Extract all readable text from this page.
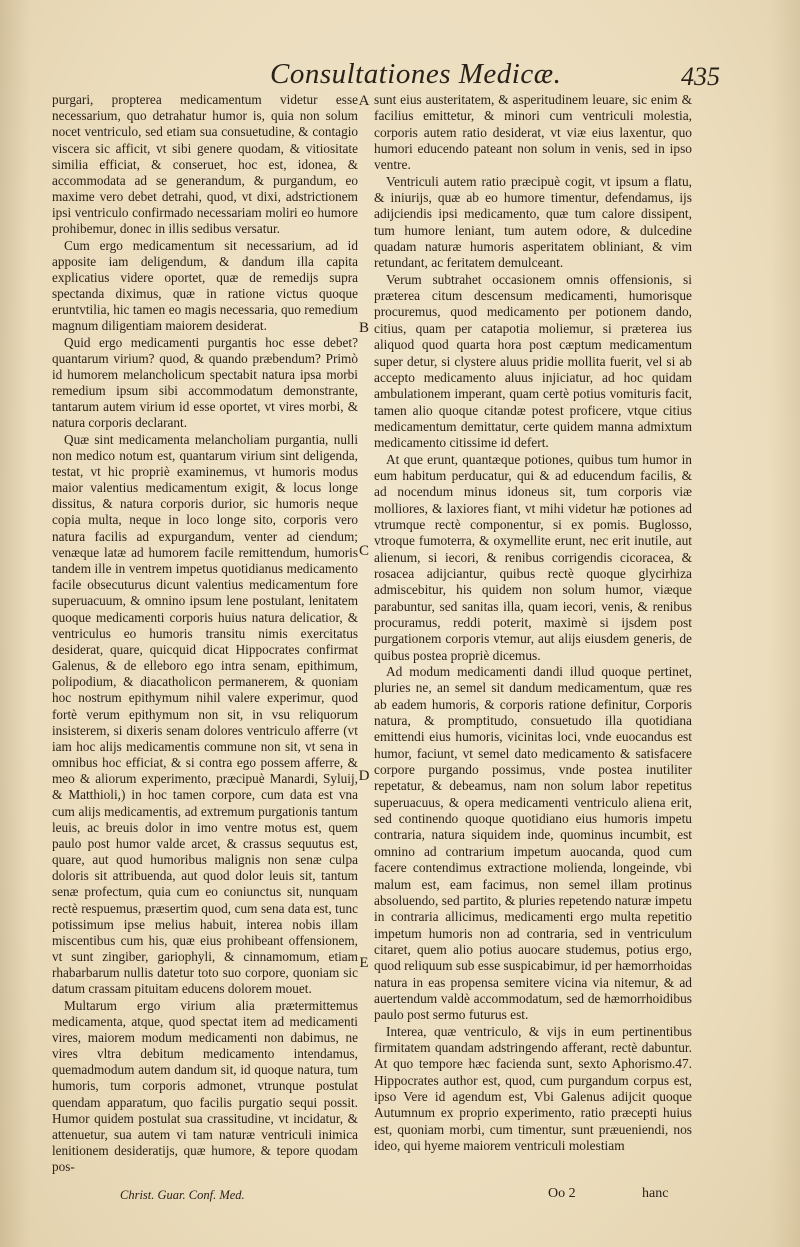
Consultationes Medicæ.	435

purgari, propterea medicamentum videtur esse necessarium, quo detrahatur humor is, quia non solum nocet ventriculo, sed etiam sua consuetudine, & contagio viscera sic afficit, vt sibi genere quodam, & vitiositate similia efficiat, & conseruet, hoc est, idonea, & accommodata ad se generandum, & purgandum, eo maxime vero debet detrahi, quod, vt dixi, adstrictionem ipsi ventriculo confirmado necessariam moliri eo humore prohibemur, donec in illis sedibus versatur.

Cum ergo medicamentum sit necessarium, ad id apposite iam deligendum, & dandum illa capita explicatius videre oportet, quæ de remedijs supra spectanda diximus, quæ in ratione victus quoque eruntvtilia, hic tamen eo magis necessaria, quo remedium magnum diligentiam maiorem desiderat.

Quid ergo medicamenti purgantis hoc esse debet? quantarum virium? quod, & quando præbendum? Primò id humorem melancholicum spectabit natura ipsa morbi remedium ipsum sibi accommodatum demonstrante, tantarum autem virium id esse oportet, vt vires morbi, & natura corporis declarant.

Quæ sint medicamenta melancholiam purgantia, nulli non medico notum est, quantarum virium sint deligenda, testat, vt hic propriè examinemus, vt humoris modus maior valentius medicamentum exigit, & locus longe dissitus, & natura corporis durior, sic humoris neque copia multa, neque in loco longe sito, corporis vero natura facilis ad expurgandum, venter ad ciendum; venæque latæ ad humorem facile remittendum, humoris tandem ille in ventrem impetus quotidianus medicamento facile obsecuturus dicunt valentius medicamentum fore superuacuum, & omnino ipsum lene postulant, lenitatem quoque medicamenti corporis huius natura delicatior, & ventriculus eo humoris transitu nimis exercitatus desiderat, quare, quicquid dicat Hippocrates confirmat Galenus, & de elleboro ego intra senam, epithimum, polipodium, & diacatholicon permanerem, & quoniam hoc nostrum epithymum nihil valere experimur, quod fortè verum epithymum non sit, in vsu reliquorum insisterem, si dixeris senam dolores ventriculo afferre (vt iam hoc alijs medicamentis commune non sit, vt sena in omnibus hoc efficiat, & si contra ego possem afferre, & meo & aliorum experimento, præcipuè Manardi, Syluij, & Matthioli,) in hoc tamen corpore, cum data est vna cum alijs medicamentis, ad extremum purgationis tantum leuis, ac breuis dolor in imo ventre motus est, quem paulo post humor valde arcet, & crassus sequutus est, quare, aut quod humoribus malignis non senæ culpa doloris sit attribuenda, aut quod dolor leuis sit, tantum senæ profectum, quia cum eo coniunctus sit, nunquam rectè respuemus, præsertim quod, cum sena data est, tunc potissimum ipse melius habuit, interea nobis illam miscentibus cum his, quæ eius prohibeant offensionem, vt sunt zingiber, gariophyli, & cinnamomum, etiam rhabarbarum nullis datetur toto suo corpore, quoniam sic datum crassam pituitam educens dolorem mouet.

Multarum ergo virium alia prætermittemus medicamenta, atque, quod spectat item ad medicamenti vires, maiorem modum medicamenti non dabimus, ne vires vltra debitum medicamento intendamus, quemadmodum autem dandum sit, id quoque natura, tum humoris, tum corporis admonet, vtrunque postulat quendam apparatum, quo facilis purgatio sequi possit. Humor quidem postulat sua crassitudine, vt incidatur, & attenuetur, sua autem vi tam naturæ ventriculi inimica lenitionem desideratijs, quæ humore, & tepore quodam pos-

A
B
C
D
E

sunt eius austeritatem, & asperitudinem leuare, sic enim & facilius emittetur, & minori cum ventriculi molestia, corporis autem ratio desiderat, vt viæ eius laxentur, quo humori educendo pateant non solum in venis, sed in ipso ventre.

Ventriculi autem ratio præcipuè cogit, vt ipsum a flatu, & iniurijs, quæ ab eo humore timentur, defendamus, ijs adijciendis ipsi medicamento, quæ tum calore dissipent, tum humore leniant, tum autem odore, & dulcedine quadam naturæ humoris asperitatem obliniant, & vim retundant, ac feritatem demulceant.

Verum subtrahet occasionem omnis offensionis, si præterea citum descensum medicamenti, humorisque procuremus, quod medicamento per potionem dando, citius, quam per catapotia moliemur, si præterea ius aliquod quod quarta hora post cæptum medicamentum super detur, si clystere aluus pridie mollita fuerit, vel si ab accepto medicamento aluus injiciatur, ad hoc quidam ambulationem imperant, quam certè potius vomituris facit, tamen alio quoque citandæ potest proficere, vtque citius medicamentum demittatur, certe quidem manna admixtum medicamento citissime id defert.

At que erunt, quantæque potiones, quibus tum humor in eum habitum perducatur, qui & ad educendum facilis, & ad nocendum minus idoneus sit, tum corporis viæ molliores, & laxiores fiant, vt mihi videtur hæ potiones ad vtrumque rectè componentur, si ex pomis. Buglosso, vtroque fumoterra, & oxymellite erunt, nec erit inutile, aut alienum, si iecori, & renibus corrigendis cicoracea, & rosacea adijciantur, quibus rectè quoque glycirhiza admiscebitur, his quidem non solum humor, viæque parabuntur, sed sanitas illa, quam iecori, venis, & renibus procuramus, reddi poterit, maximè si ijsdem post purgationem corporis vtemur, aut alijs eiusdem generis, de quibus postea propriè dicemus.

Ad modum medicamenti dandi illud quoque pertinet, pluries ne, an semel sit dandum medicamentum, quæ res ab eadem humoris, & corporis ratione definitur, Corporis natura, & promptitudo, consuetudo illa quotidiana emittendi eius humoris, vicinitas loci, vnde euocandus est humor, faciunt, vt semel dato medicamento & satisfacere corpore purgando possimus, vnde postea inutiliter repetatur, & debeamus, nam non solum labor repetitus superuacuus, & opera medicamenti ventriculo aliena erit, sed continendo quoque quotidiano eius humoris impetu contraria, natura siquidem inde, quominus incumbit, est omnino ad contrarium impetum auocanda, quod cum facere contendimus extractione molienda, longeinde, vbi malum est, eam facimus, non semel illam protinus absoluendo, sed partito, & pluries repetendo naturæ impetu in contraria allicimus, medicamenti ergo multa repetitio impetum humoris non ad contraria, sed in ventriculum citaret, quem alio potius auocare studemus, potius ergo, quod reliquum sub esse suspicabimur, id per hæmorrhoidas natura in eas propensa semitere vicina via nitemur, & ad auertendum valdè accommodatum, sed de hæmorrhoidibus paulo post sermo futurus est.

Interea, quæ ventriculo, & vijs in eum pertinentibus firmitatem quandam adstringendo afferant, rectè dabuntur. At quo tempore hæc facienda sunt, sexto Aphorismo.47. Hippocrates author est, quod, cum purgandum corpus est, ipso Vere id agendum est, Vbi Galenus adijcit quoque Autumnum ex proprio experimento, ratio præcepti huius est, quoniam morbi, cum timentur, sunt præueniendi, nos ideo, qui hyeme maiorem ventriculi molestiam

Christ. Guar. Conf. Med.	Oo 2	hanc
